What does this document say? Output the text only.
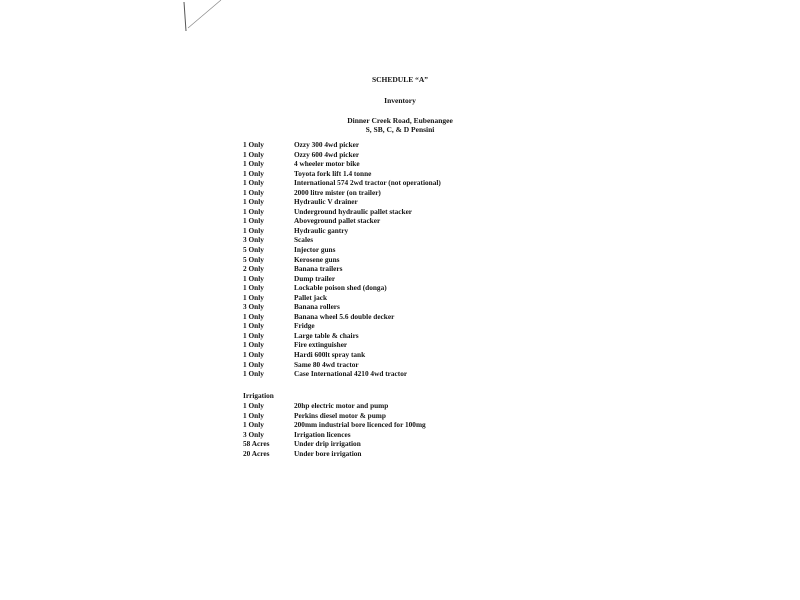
SCHEDULE “A”
Inventory
Dinner Creek Road, Eubenangee
S, SB, C, & D Pensini
1 Only	Ozzy 300 4wd picker
1 Only	Ozzy 600 4wd picker
1 Only	4 wheeler motor bike
1 Only	Toyota fork lift 1.4 tonne
1 Only	International 574 2wd tractor (not operational)
1 Only	2000 litre mister (on trailer)
1 Only	Hydraulic V drainer
1 Only	Underground hydraulic pallet stacker
1 Only	Aboveground pallet stacker
1 Only	Hydraulic gantry
3 Only	Scales
5 Only	Injector guns
5 Only	Kerosene guns
2 Only	Banana trailers
1 Only	Dump trailer
1 Only	Lockable poison shed (donga)
1 Only	Pallet jack
3 Only	Banana rollers
1 Only	Banana wheel 5.6 double decker
1 Only	Fridge
1 Only	Large table & chairs
1 Only	Fire extinguisher
1 Only	Hardi 600lt spray tank
1 Only	Same 80 4wd tractor
1 Only	Case International 4210 4wd tractor
Irrigation
1 Only	20hp electric motor and pump
1 Only	Perkins diesel motor & pump
1 Only	200mm industrial bore licenced for 100mg
3 Only	Irrigation licences
58 Acres	Under drip irrigation
20 Acres	Under bore irrigation
